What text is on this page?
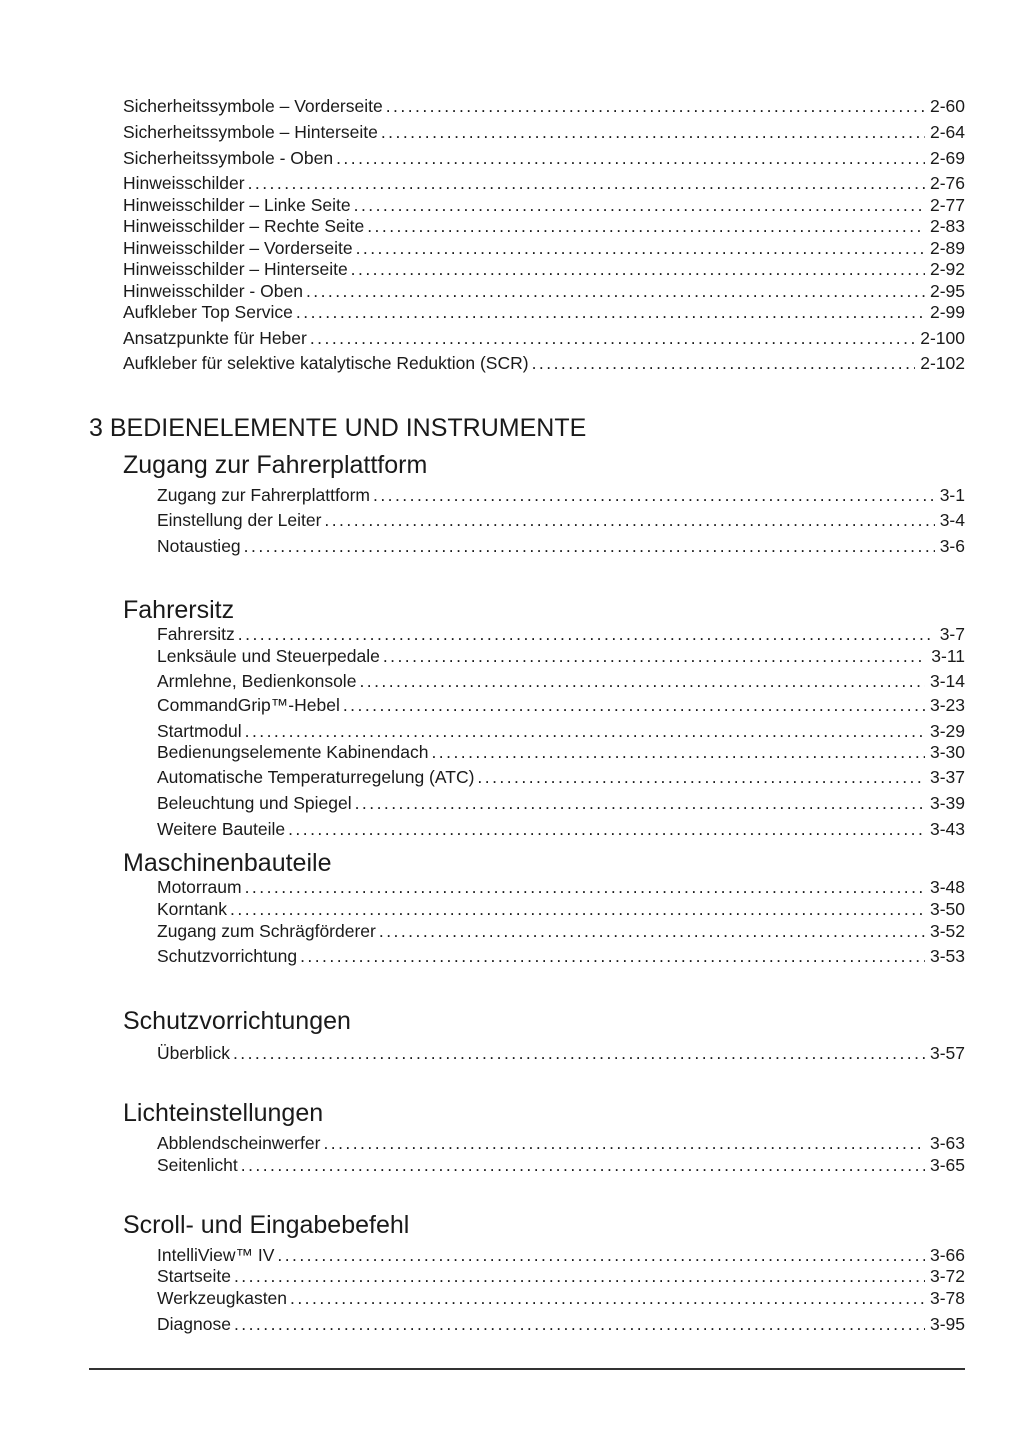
Sicherheitssymbole – Vorderseite . . .	2-60
Sicherheitssymbole – Hinterseite . . .	2-64
Sicherheitssymbole - Oben . . .	2-69
Hinweisschilder . . .	2-76
Hinweisschilder – Linke Seite . . .	2-77
Hinweisschilder – Rechte Seite . . .	2-83
Hinweisschilder – Vorderseite . . .	2-89
Hinweisschilder – Hinterseite . . .	2-92
Hinweisschilder - Oben . . .	2-95
Aufkleber Top Service . . .	2-99
Ansatzpunkte für Heber . . .	2-100
Aufkleber für selektive katalytische Reduktion (SCR) . . .	2-102
3 BEDIENELEMENTE UND INSTRUMENTE
Zugang zur Fahrerplattform
Zugang zur Fahrerplattform . . .	3-1
Einstellung der Leiter . . .	3-4
Notaustieg . . .	3-6
Fahrersitz
Fahrersitz . . .	3-7
Lenksäule und Steuerpedale . . .	3-11
Armlehne, Bedienkonsole . . .	3-14
CommandGrip™-Hebel . . .	3-23
Startmodul . . .	3-29
Bedienungselemente Kabinendach . . .	3-30
Automatische Temperaturregelung (ATC) . . .	3-37
Beleuchtung und Spiegel . . .	3-39
Weitere Bauteile . . .	3-43
Maschinenbauteile
Motorraum . . .	3-48
Korntank . . .	3-50
Zugang zum Schrägförderer . . .	3-52
Schutzvorrichtung . . .	3-53
Schutzvorrichtungen
Überblick . . .	3-57
Lichteinstellungen
Abblendscheinwerfer . . .	3-63
Seitenlicht . . .	3-65
Scroll- und Eingabebefehl
IntelliView™ IV . . .	3-66
Startseite . . .	3-72
Werkzeugkasten . . .	3-78
Diagnose . . .	3-95
